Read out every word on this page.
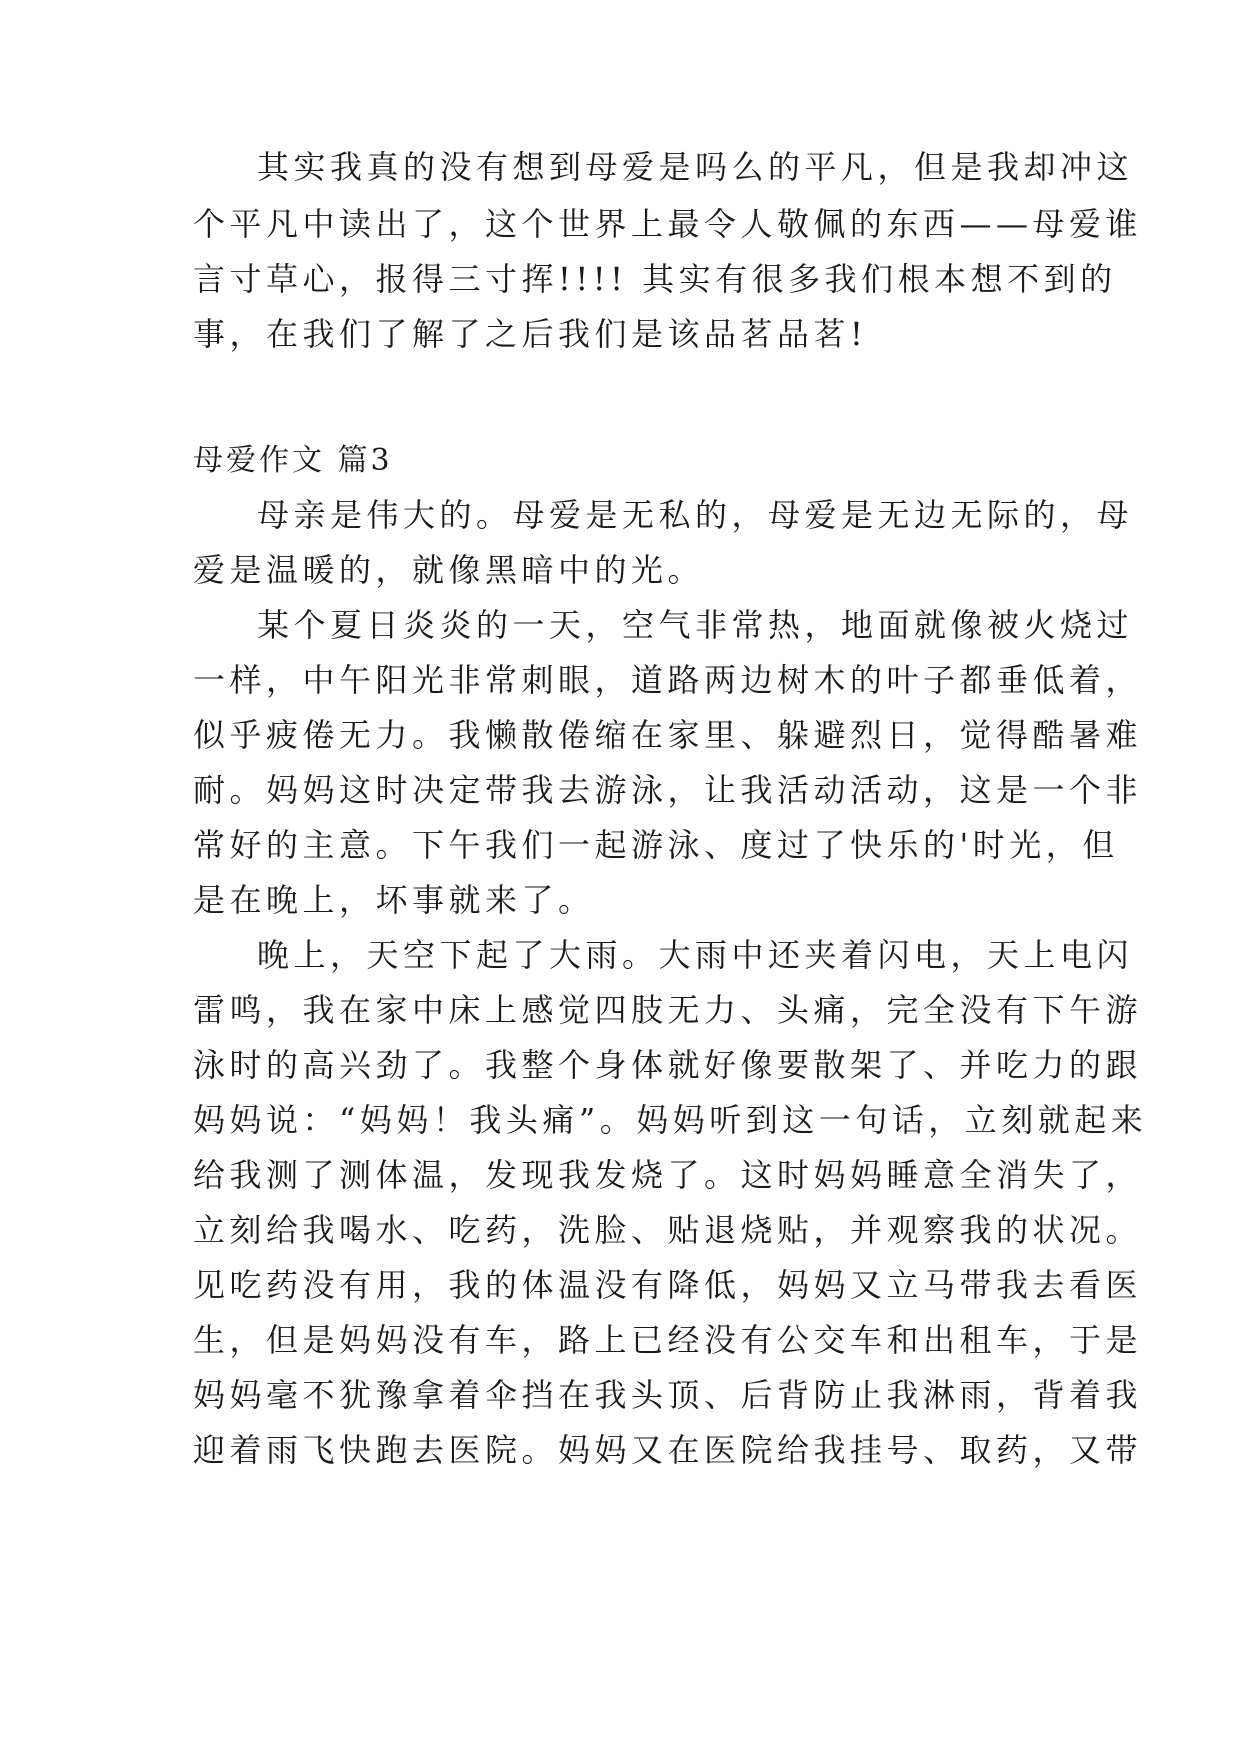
其实我真的没有想到母爱是吗么的平凡，但是我却冲这
个平凡中读出了，这个世界上最令人敬佩的东西——母爱谁
言寸草心，报得三寸挥!!!! 其实有很多我们根本想不到的
事，在我们了解了之后我们是该品茗品茗!
母爱作文 篇3
母亲是伟大的。母爱是无私的，母爱是无边无际的，母
爱是温暖的，就像黑暗中的光。
某个夏日炎炎的一天，空气非常热，地面就像被火烧过
一样，中午阳光非常刺眼，道路两边树木的叶子都垂低着，
似乎疲倦无力。我懒散倦缩在家里、躲避烈日，觉得酷暑难
耐。妈妈这时决定带我去游泳，让我活动活动，这是一个非
常好的主意。下午我们一起游泳、度过了快乐的'时光，但
是在晚上，坏事就来了。
晚上，天空下起了大雨。大雨中还夹着闪电，天上电闪
雷鸣，我在家中床上感觉四肢无力、头痛，完全没有下午游
泳时的高兴劲了。我整个身体就好像要散架了、并吃力的跟
妈妈说：“妈妈！我头痛”。妈妈听到这一句话，立刻就起来
给我测了测体温，发现我发烧了。这时妈妈睡意全消失了，
立刻给我喝水、吃药，洗脸、贴退烧贴，并观察我的状况。
见吃药没有用，我的体温没有降低，妈妈又立马带我去看医
生，但是妈妈没有车，路上已经没有公交车和出租车，于是
妈妈毫不犹豫拿着伞挡在我头顶、后背防止我淋雨，背着我
迎着雨飞快跑去医院。妈妈又在医院给我挂号、取药，又带
